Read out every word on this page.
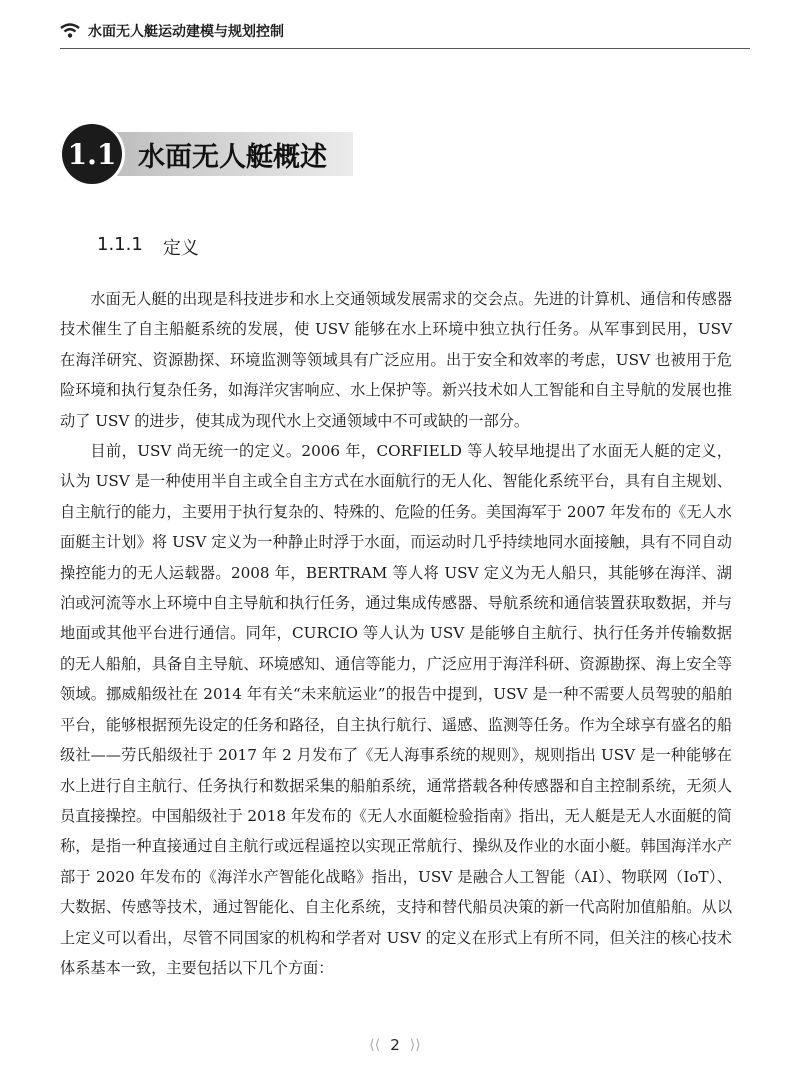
水面无人艇运动建模与规划控制
1.1 水面无人艇概述
1.1.1 定义

水面无人艇的出现是科技进步和水上交通领域发展需求的交会点。先进的计算机、通信和传感器技术催生了自主船艇系统的发展，使 USV 能够在水上环境中独立执行任务。从军事到民用，USV 在海洋研究、资源勘探、环境监测等领域具有广泛应用。出于安全和效率的考虑，USV 也被用于危险环境和执行复杂任务，如海洋灾害响应、水上保护等。新兴技术如人工智能和自主导航的发展也推动了 USV 的进步，使其成为现代水上交通领域中不可或缺的一部分。

目前，USV 尚无统一的定义。2006 年，CORFIELD 等人较早地提出了水面无人艇的定义，认为 USV 是一种使用半自主或全自主方式在水面航行的无人化、智能化系统平台，具有自主规划、自主航行的能力，主要用于执行复杂的、特殊的、危险的任务。美国海军于 2007 年发布的《无人水面艇主计划》将 USV 定义为一种静止时浮于水面，而运动时几乎持续地同水面接触，具有不同自动操控能力的无人运载器。2008 年，BERTRAM 等人将 USV 定义为无人船只，其能够在海洋、湖泊或河流等水上环境中自主导航和执行任务，通过集成传感器、导航系统和通信装置获取数据，并与地面或其他平台进行通信。同年，CURCIO 等人认为 USV 是能够自主航行、执行任务并传输数据的无人船舶，具备自主导航、环境感知、通信等能力，广泛应用于海洋科研、资源勘探、海上安全等领域。挪威船级社在 2014 年有关“未来航运业”的报告中提到，USV 是一种不需要人员驾驶的船舶平台，能够根据预先设定的任务和路径，自主执行航行、遥感、监测等任务。作为全球享有盛名的船级社——劳氏船级社于 2017 年 2 月发布了《无人海事系统的规则》，规则指出 USV 是一种能够在水上进行自主航行、任务执行和数据采集的船舶系统，通常搭载各种传感器和自主控制系统，无须人员直接操控。中国船级社于 2018 年发布的《无人水面艇检验指南》指出，无人艇是无人水面艇的简称，是指一种直接通过自主航行或远程遥控以实现正常航行、操纵及作业的水面小艇。韩国海洋水产部于 2020 年发布的《海洋水产智能化战略》指出，USV 是融合人工智能（AI）、物联网（IoT）、大数据、传感等技术，通过智能化、自主化系统，支持和替代船员决策的新一代高附加值船舶。从以上定义可以看出，尽管不同国家的机构和学者对 USV 的定义在形式上有所不同，但关注的核心技术体系基本一致，主要包括以下几个方面：

⟨⟨ 2 ⟩⟩
